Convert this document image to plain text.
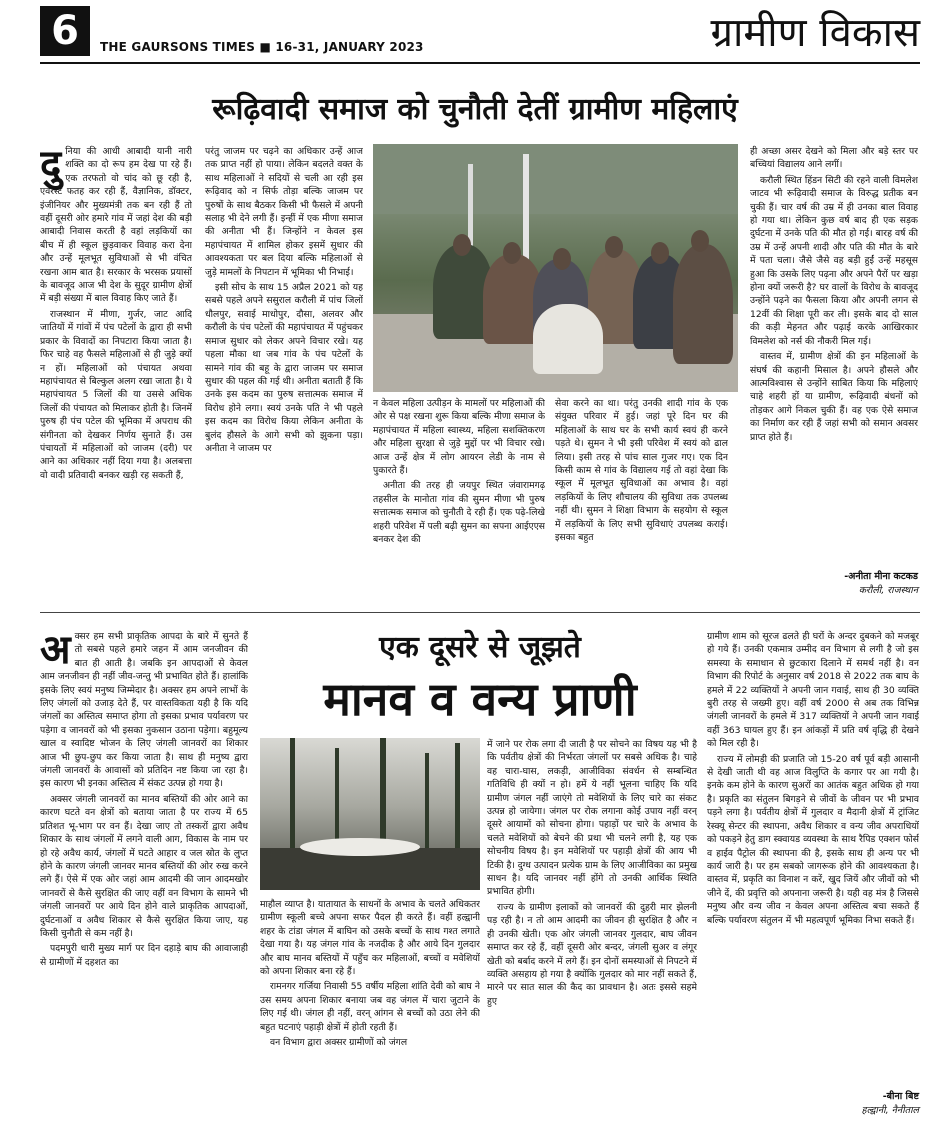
6	THE GAURSONS TIMES ■ 16-31, JANUARY 2023	ग्रामीण विकास
रूढ़िवादी समाज को चुनौती देतीं ग्रामीण महिलाएं
दु निया की आधी आबादी यानी नारी शक्ति का दो रूप हम देख पा रहे हैं। एक तरफतो वो चांद को छू रही है, एवरेस्ट फतह कर रही हैं, वैज्ञानिक, डॉक्टर, इंजीनियर और मुख्यमंत्री तक बन रही हैं तो वहीं दूसरी ओर हमारे गांव में जहां देश की बड़ी आबादी निवास करती है वहां लड़कियों का बीच में ही स्कूल छुड़वाकर विवाह करा देना और उन्हें मूलभूत सुविधाओं से भी वंचित रखना आम बात है। सरकार के भरसक प्रयासों के बावजूद आज भी देश के सुदूर ग्रामीण क्षेत्रों में बड़ी संख्या में बाल विवाह किए जाते हैं।

राजस्थान में मीणा, गुर्जर, जाट आदि जातियों में गांवों में पंच पटेलों के द्वारा ही सभी प्रकार के विवादों का निपटारा किया जाता है। फिर चाहे वह फैसले महिलाओं से ही जुड़े क्यों न हों। महिलाओं को पंचायत अथवा महापंचायत से बिल्कुल अलग रखा जाता है। ये महापंचायत 5 जिलों की या उससे अधिक जिलों की पंचायत को मिलाकर होती है। जिनमें पुरुष ही पंच पटेल की भूमिका में अपराध की संगीनता को देखकर निर्णय सुनाते हैं। उस पंचायतों में महिलाओं को जाजम (दरी) पर आने का अधिकार नहीं दिया गया है। अलबत्ता वो वादी प्रतिवादी बनकर खड़ी रह सकती हैं,

परंतु जाजम पर चढ़ने का अधिकार उन्हें आज तक प्राप्त नहीं हो पाया। लेकिन बदलते वक्त के साथ महिलाओं ने सदियों से चली आ रही इस रूढ़िवाद को न सिर्फ तोड़ा बल्कि जाजम पर पुरुषों के साथ बैठकर किसी भी फैसले में अपनी सलाह भी देने लगी हैं। इन्हीं में एक मीणा समाज की अनीता भी हैं। जिन्होंने न केवल इस महापंचायत में शामिल होकर इसमें सुधार की आवश्यकता पर बल दिया बल्कि महिलाओं से जुड़े मामलों के निपटान में भूमिका भी निभाई।

इसी सोच के साथ 15 अप्रैल 2021 को यह सबसे पहले अपने ससुराल करौली में पांच जिलों धौलपुर, सवाई माधोपुर, दौसा, अलवर और करौली के पंच पटेलों की महापंचायत में पहुंचकर समाज सुधार को लेकर अपने विचार रखे। यह पहला मौका था जब गांव के पंच पटेलों के सामने गांव की बहू के द्वारा जाजम पर समाज सुधार की पहल की गई थी। अनीता बताती हैं कि उनके इस कदम का पुरुष सत्तात्मक समाज में विरोध होने लगा। स्वयं उनके पति ने भी पहले इस कदम का विरोध किया लेकिन अनीता के बुलंद हौसले के आगे सभी को झुकना पड़ा। अनीता ने जाजम पर

न केवल महिला उत्पीड़न के मामलों पर महिलाओं की ओर से पक्ष रखना शुरू किया बल्कि मीणा समाज के महापंचायत में महिला स्वास्थ्य, महिला सशक्तिकरण और महिला सुरक्षा से जुड़े मुद्दों पर भी विचार रखे। आज उन्हें क्षेत्र में लोग आयरन लेडी के नाम से पुकारते हैं।

अनीता की तरह ही जयपुर स्थित जंवारामगढ़ तहसील के मानोता गांव की सुमन मीणा भी पुरुष सत्तात्मक समाज को चुनौती दे रही हैं। एक पढ़े-लिखे शहरी परिवेश में पली बढ़ी सुमन का सपना आईएएस बनकर देश की

सेवा करने का था। परंतु उनकी शादी गांव के एक संयुक्त परिवार में हुई। जहां पूरे दिन घर की महिलाओं के साथ घर के सभी कार्य स्वयं ही करने पड़ते थे। सुमन ने भी इसी परिवेश में स्वयं को ढाल लिया। इसी तरह से पांच साल गुजर गए। एक दिन किसी काम से गांव के विद्यालय गई तो वहां देखा कि स्कूल में मूलभूत सुविधाओं का अभाव है। वहां लड़कियों के लिए शौचालय की सुविधा तक उपलब्ध नहीं थी। सुमन ने शिक्षा विभाग के सहयोग से स्कूल में लड़कियों के लिए सभी सुविधाएं उपलब्ध कराई। इसका बहुत

ही अच्छा असर देखने को मिला और बड़े स्तर पर बच्चियां विद्यालय आने लगीं।

करौली स्थित हिंडन सिटी की रहने वाली विमलेश जाटव भी रूढ़िवादी समाज के विरुद्ध प्रतीक बन चुकी हैं। चार वर्ष की उम्र में ही उनका बाल विवाह हो गया था। लेकिन कुछ वर्ष बाद ही एक सड़क दुर्घटना में उनके पति की मौत हो गई। बारह वर्ष की उम्र में उन्हें अपनी शादी और पति की मौत के बारे में पता चला। जैसे जैसे वह बड़ी हुईं उन्हें महसूस हुआ कि उसके लिए पढ़ना और अपने पैरों पर खड़ा होना क्यों जरूरी है? घर वालों के विरोध के बावजूद उन्होंने पढ़ने का फैसला किया और अपनी लगन से 12वीं की शिक्षा पूरी कर ली। इसके बाद दो साल की कड़ी मेहनत और पढ़ाई करके आखिरकार विमलेश को नर्स की नौकरी मिल गई।

वास्तव में, ग्रामीण क्षेत्रों की इन महिलाओं के संघर्ष की कहानी मिसाल है। अपने हौसले और आत्मविश्वास से उन्होंने साबित किया कि महिलाएं चाहे शहरी हों या ग्रामीण, रूढ़िवादी बंधनों को तोड़कर आगे निकल चुकी हैं। वह एक ऐसे समाज का निर्माण कर रही हैं जहां सभी को समान अवसर प्राप्त होते हैं।

-अनीता मीना कटकड
करौली, राजस्थान
एक दूसरे से जूझते
मानव व वन्य प्राणी
अ क्सर हम सभी प्राकृतिक आपदा के बारे में सुनते हैं तो सबसे पहले हमारे जहन में आम जनजीवन की बात ही आती है। जबकि इन आपदाओं से केवल आम जनजीवन ही नहीं जीव-जन्तु भी प्रभावित होते हैं। हालांकि इसके लिए स्वयं मनुष्य जिम्मेदार है। अक्सर हम अपने लाभों के लिए जंगलों को उजाड़ देते हैं, पर वास्तविकता यही है कि यदि जंगलों का अस्तित्व समाप्त होगा तो इसका प्रभाव पर्यावरण पर पड़ेगा व जानवरों को भी इसका नुकसान उठाना पड़ेगा। बहुमूल्य खाल व स्वादिष्ट भोजन के लिए जंगली जानवरों का शिकार आज भी छुप-छुप कर किया जाता है। साथ ही मनुष्य द्वारा जंगली जानवरों के आवासों को प्रतिदिन नष्ट किया जा रहा है। इस कारण भी इनका अस्तित्व में संकट उत्पन्न हो गया है।

अक्सर जंगली जानवरों का मानव बस्तियों की ओर आने का कारण घटते वन क्षेत्रों को बताया जाता है पर राज्य में 65 प्रतिशत भू-भाग पर वन हैं। देखा जाए तो तस्करों द्वारा अवैध शिकार के साथ जंगलों में लगने वाली आग, विकास के नाम पर हो रहे अवैध कार्य, जंगलों में घटते आहार व जल स्रोत के लुप्त होने के कारण जंगली जानवर मानव बस्तियों की ओर रुख करने लगे हैं। ऐसे में एक ओर जहां आम आदमी की जान आदमखोर जानवरों से कैसे सुरक्षित की जाए वहीं वन विभाग के सामने भी जंगली जानवरों पर आये दिन होने वाले प्राकृतिक आपदाओं, दुर्घटनाओं व अवैध शिकार से कैसे सुरक्षित किया जाए, यह किसी चुनौती से कम नहीं है।

पदमपुरी धारी मुख्य मार्ग पर दिन दहाड़े बाघ की आवाजाही से ग्रामीणों में दहशत का

माहौल व्याप्त है। यातायात के साधनों के अभाव के चलते अधिकतर ग्रामीण स्कूली बच्चे अपना सफर पैदल ही करते हैं। वहीं हल्द्वानी शहर के टांडा जंगल में बाघिन को उसके बच्चों के साथ गश्त लगाते देखा गया है। यह जंगल गांव के नजदीक है और आये दिन गुलदार और बाघ मानव बस्तियों में पहुँच कर महिलाओं, बच्चों व मवेशियों को अपना शिकार बना रहे हैं।

रामनगर गर्जिया निवासी 55 वर्षीय महिला शांति देवी को बाघ ने उस समय अपना शिकार बनाया जब वह जंगल में चारा जुटाने के लिए गई थी। जंगल ही नहीं, वरन् आंगन से बच्चों को उठा लेने की बहुत घटनाएं पहाड़ी क्षेत्रों में होती रहती हैं।

वन विभाग द्वारा अक्सर ग्रामीणों को जंगल

में जाने पर रोक लगा दी जाती है पर सोचने का विषय यह भी है कि पर्वतीय क्षेत्रों की निर्भरता जंगलों पर सबसे अधिक है। चाहे वह चारा-घास, लकड़ी, आजीविका संवर्धन से सम्बन्धित गतिविधि ही क्यों न हो। हमें ये नहीं भूलना चाहिए कि यदि ग्रामीण जंगल नहीं जाएंगे तो मवेशियों के लिए चारे का संकट उत्पन्न हो जायेगा। जंगल पर रोक लगाना कोई उपाय नहीं वरन् दूसरे आयामों को सोचना होगा। पहाड़ों पर चारे के अभाव के चलते मवेशियों को बेचने की प्रथा भी चलने लगी है, यह एक सोचनीय विषय है। इन मवेशियों पर पहाड़ी क्षेत्रों की आय भी टिकी है। दुग्ध उत्पादन प्रत्येक ग्राम के लिए आजीविका का प्रमुख साधन है। यदि जानवर नहीं होंगे तो उनकी आर्थिक स्थिति प्रभावित होगी।

राज्य के ग्रामीण इलाकों को जानवरों की दुहरी मार झेलनी पड़ रही है। न तो आम आदमी का जीवन ही सुरक्षित है और न ही उनकी खेती। एक ओर जंगली जानवर गुलदार, बाघ जीवन समाप्त कर रहे हैं, वहीं दूसरी ओर बन्दर, जंगली सुअर व लंगूर खेती को बर्बाद करने में लगे हैं। इन दोनों समस्याओं से निपटने में व्यक्ति असहाय हो गया है क्योंकि गुलदार को मार नहीं सकते हैं, मारने पर सात साल की कैद का प्रावधान है। अतः इससे सहमे हुए

ग्रामीण शाम को सूरज ढलते ही घरों के अन्दर दुबकने को मजबूर हो गये हैं। उनकी एकमात्र उम्मीद वन विभाग से लगी है जो इस समस्या के समाधान से छुटकारा दिलाने में समर्थ नहीं है। वन विभाग की रिपोर्ट के अनुसार वर्ष 2018 से 2022 तक बाघ के हमले में 22 व्यक्तियों ने अपनी जान गवाई, साथ ही 30 व्यक्ति बुरी तरह से जख्मी हुए। वहीं वर्ष 2000 से अब तक विभिन्न जंगली जानवरों के हमले में 317 व्यक्तियों ने अपनी जान गवाई वहीं 363 घायल हुए हैं। इन आंकड़ों में प्रति वर्ष वृद्धि ही देखने को मिल रही है।

राज्य में लोमड़ी की प्रजाति जो 15-20 वर्ष पूर्व बड़ी आसानी से देखी जाती थी वह आज विलुप्ति के कगार पर आ गयी है। इनके कम होने के कारण सुअरों का आतंक बहुत अधिक हो गया है। प्रकृति का संतुलन बिगड़ने से जीवों के जीवन पर भी प्रभाव पड़ने लगा है। पर्वतीय क्षेत्रों में गुलदार व मैदानी क्षेत्रों में ट्रांजिट रेस्क्यू सेन्टर की स्थापना, अवैध शिकार व वन्य जीव अपराधियों को पकड़ने हेतु डाग स्क्वायड व्यवस्था के साथ रैपिड एक्शन फोर्स व हाईव पैट्रोल की स्थापना की है, इसके साथ ही अन्य पर भी कार्य जारी है। पर हम सबको जागरूक होने की आवश्यकता है। वास्तव में, प्रकृति का विनाश न करें, खुद जियें और जीवों को भी जीने दें, की प्रवृत्ति को अपनाना जरूरी है। यही वह मंत्र है जिससे मनुष्य और वन्य जीव न केवल अपना अस्तित्व बचा सकते हैं बल्कि पर्यावरण संतुलन में भी महत्वपूर्ण भूमिका निभा सकते हैं।

-बीना बिष्ट
हल्द्वानी, नैनीताल
